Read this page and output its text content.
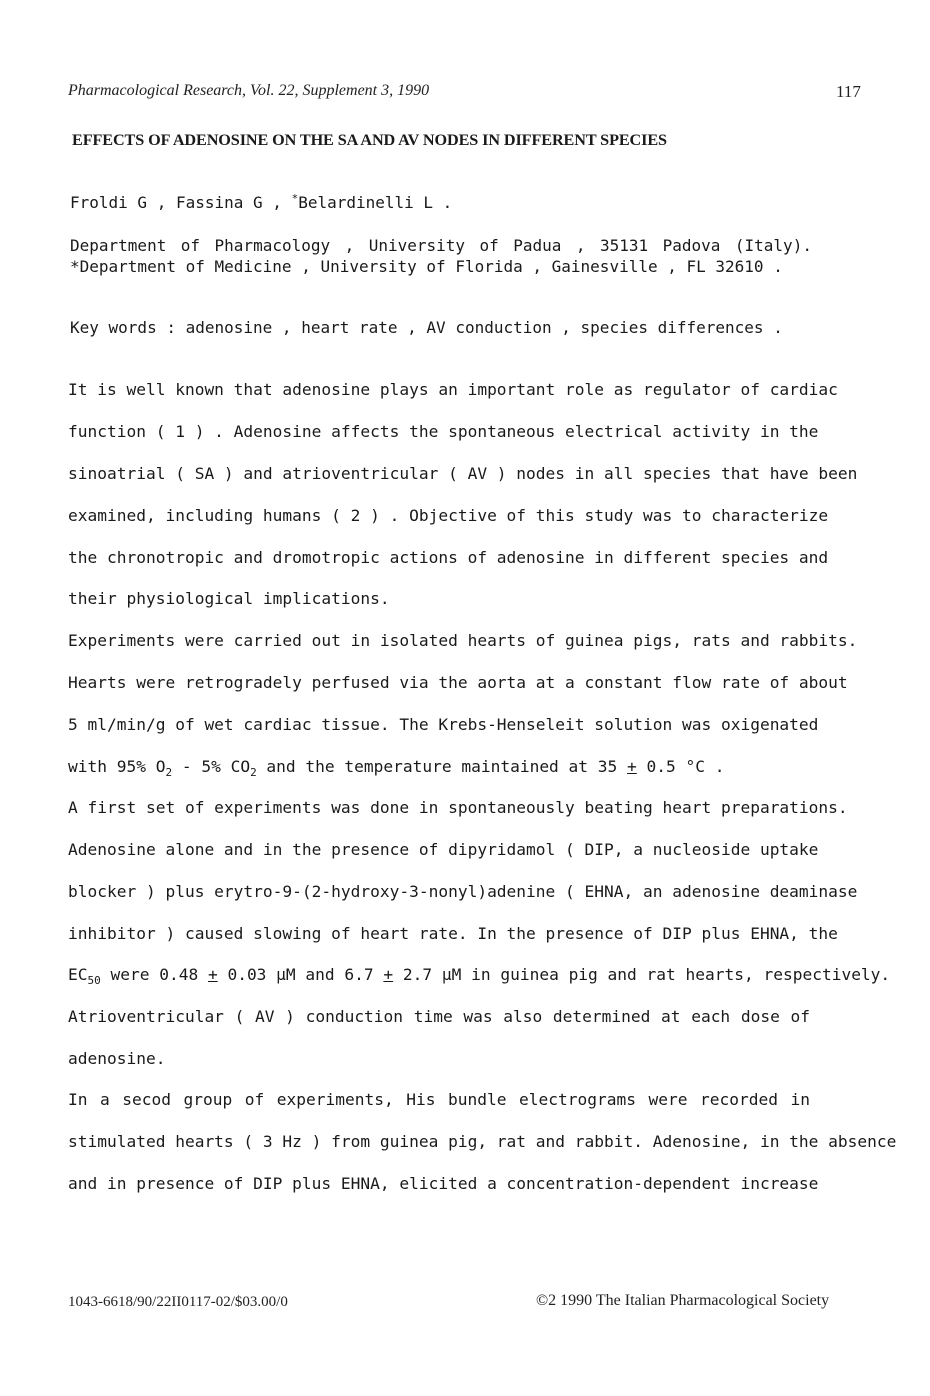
Pharmacological Research, Vol. 22, Supplement 3, 1990	117
EFFECTS OF ADENOSINE ON THE SA AND AV NODES IN DIFFERENT SPECIES
Froldi G , Fassina G , *Belardinelli L .
Department of Pharmacology , University of Padua , 35131 Padova (Italy).
*Department of Medicine , University of Florida , Gainesville , FL 32610 .
Key words : adenosine , heart rate , AV conduction , species differences .
It is well known that adenosine plays an important role as regulator of cardiac
function ( 1 ) . Adenosine affects the spontaneous electrical activity in the
sinoatrial ( SA ) and atrioventricular ( AV ) nodes in all species that have been
examined, including humans ( 2 ) . Objective of this study was to characterize
the chronotropic and dromotropic actions of adenosine in different species and
their physiological implications.
Experiments were carried out in isolated hearts of guinea pigs, rats and rabbits.
Hearts were retrogradely perfused via the aorta at a constant flow rate of about
5 ml/min/g of wet cardiac tissue. The Krebs-Henseleit solution was oxigenated
with 95% $O_2 - 5\%$ $CO_2$ and the temperature maintained at 35 + 0.5 °C .
A first set of experiments was done in spontaneously beating heart preparations.
Adenosine alone and in the presence of dipyridamol ( DIP, a nucleoside uptake
blocker ) plus erytro-9-(2-hydroxy-3-nonyl)adenine ( EHNA, an adenosine deaminase
inhibitor ) caused slowing of heart rate. In the presence of DIP plus EHNA, the
$EC_{50}$ were 0.48 + 0.03 μM and 6.7 + 2.7 μM in guinea pig and rat hearts, respectively.
Atrioventricular ( AV ) conduction time was also determined at each dose of
adenosine.
In a secod group of experiments, His bundle electrograms were recorded in
stimulated hearts ( 3 Hz ) from guinea pig, rat and rabbit. Adenosine, in the absence
and in presence of DIP plus EHNA, elicited a concentration-dependent increase
1043-6618/90/22II0117-02/$03.00/0	©2 1990 The Italian Pharmacological Society
